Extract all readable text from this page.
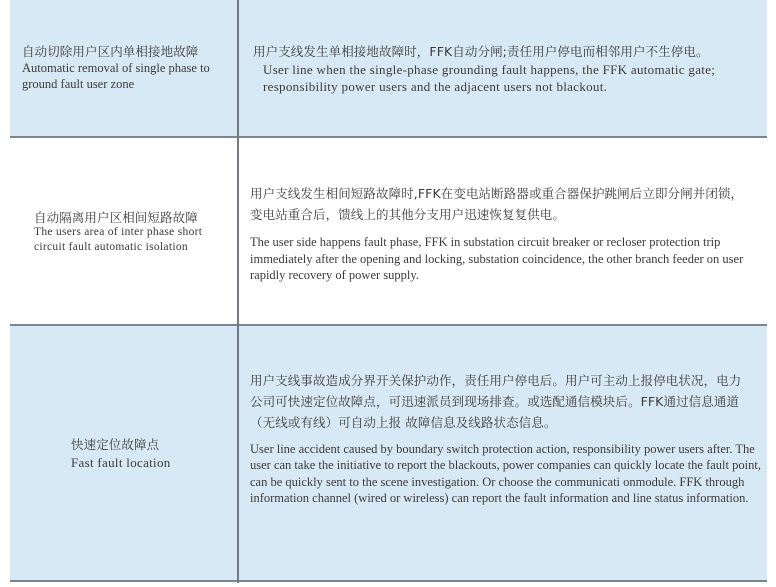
自动切除用户区内单相接地故障

Automatic removal of single phase to ground fault user zone

用户支线发生单相接地故障时，FFK自动分闸;责任用户停电而相邻用户不生停电。

User line when the single-phase grounding fault happens, the FFK automatic gate; responsibility power users and the adjacent users not blackout.

自动隔离用户区相间短路故障

The users area of inter phase short circuit fault automatic isolation

用户支线发生相间短路故障时,FFK在变电站断路器或重合器保护跳闸后立即分闸并闭锁，变电站重合后，馈线上的其他分支用户迅速恢复复供电。

The user side happens fault phase, FFK in substation circuit breaker or recloser protection trip immediately after the opening and locking, substation coincidence, the other branch feeder on user rapidly recovery of power supply.

快速定位故障点

Fast fault location

用户支线事故造成分界开关保护动作，责任用户停电后。用户可主动上报停电状况，电力公司可快速定位故障点，可迅速派员到现场排查。或选配通信模块后。FFK通过信息通道（无线或有线）可自动上报 故障信息及线路状态信息。

User line accident caused by boundary switch protection action, responsibility power users after. The user can take the initiative to report the blackouts, power companies can quickly locate the fault point, can be quickly sent to the scene investigation. Or choose the communicati onmodule. FFK through information channel (wired or wireless) can report the fault information and line status information.
